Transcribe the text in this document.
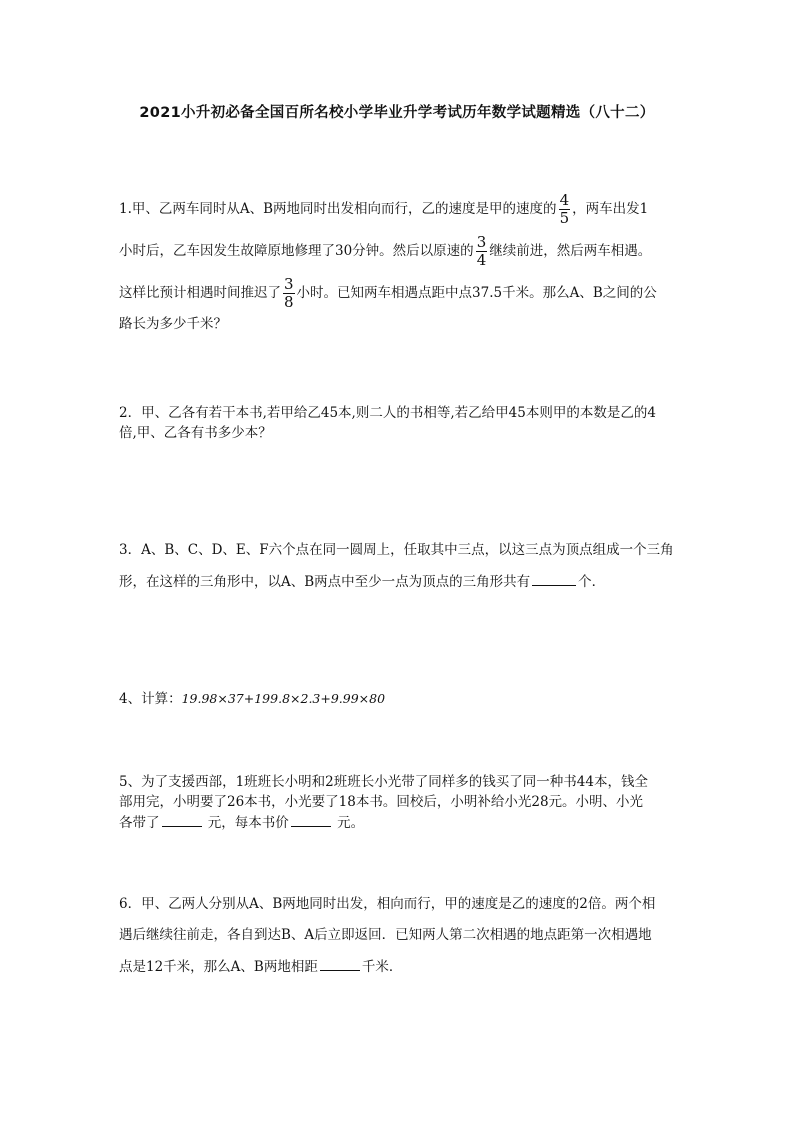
2021小升初必备全国百所名校小学毕业升学考试历年数学试题精选（八十二）
1.甲、乙两车同时从A、B两地同时出发相向而行，乙的速度是甲的速度的 $\frac{4}{5}$ ，两车出发1
小时后，乙车因发生故障原地修理了30分钟。然后以原速的 $\frac{3}{4}$ 继续前进，然后两车相遇。
这样比预计相遇时间推迟了 $\frac{3}{8}$ 小时。已知两车相遇点距中点37.5千米。那么A、B之间的公
路长为多少千米？
2．甲、乙各有若干本书,若甲给乙45本,则二人的书相等,若乙给甲45本则甲的本数是乙的4
倍,甲、乙各有书多少本？
3．A、B、C、D、E、F六个点在同一圆周上，任取其中三点，以这三点为顶点组成一个三角
形，在这样的三角形中，以A、B两点中至少一点为顶点的三角形共有	个．
4、计算：19.98×37+199.8×2.3+9.99×80
5、为了支援西部，1班班长小明和2班班长小光带了同样多的钱买了同一种书44本，钱全
部用完，小明要了26本书，小光要了18本书。回校后，小明补给小光28元。小明、小光
各带了	元，每本书价	元。
6．甲、乙两人分别从A、B两地同时出发，相向而行，甲的速度是乙的速度的2倍。两个相
遇后继续往前走，各自到达B、A后立即返回．已知两人第二次相遇的地点距第一次相遇地
点是12千米，那么A、B两地相距	千米．
